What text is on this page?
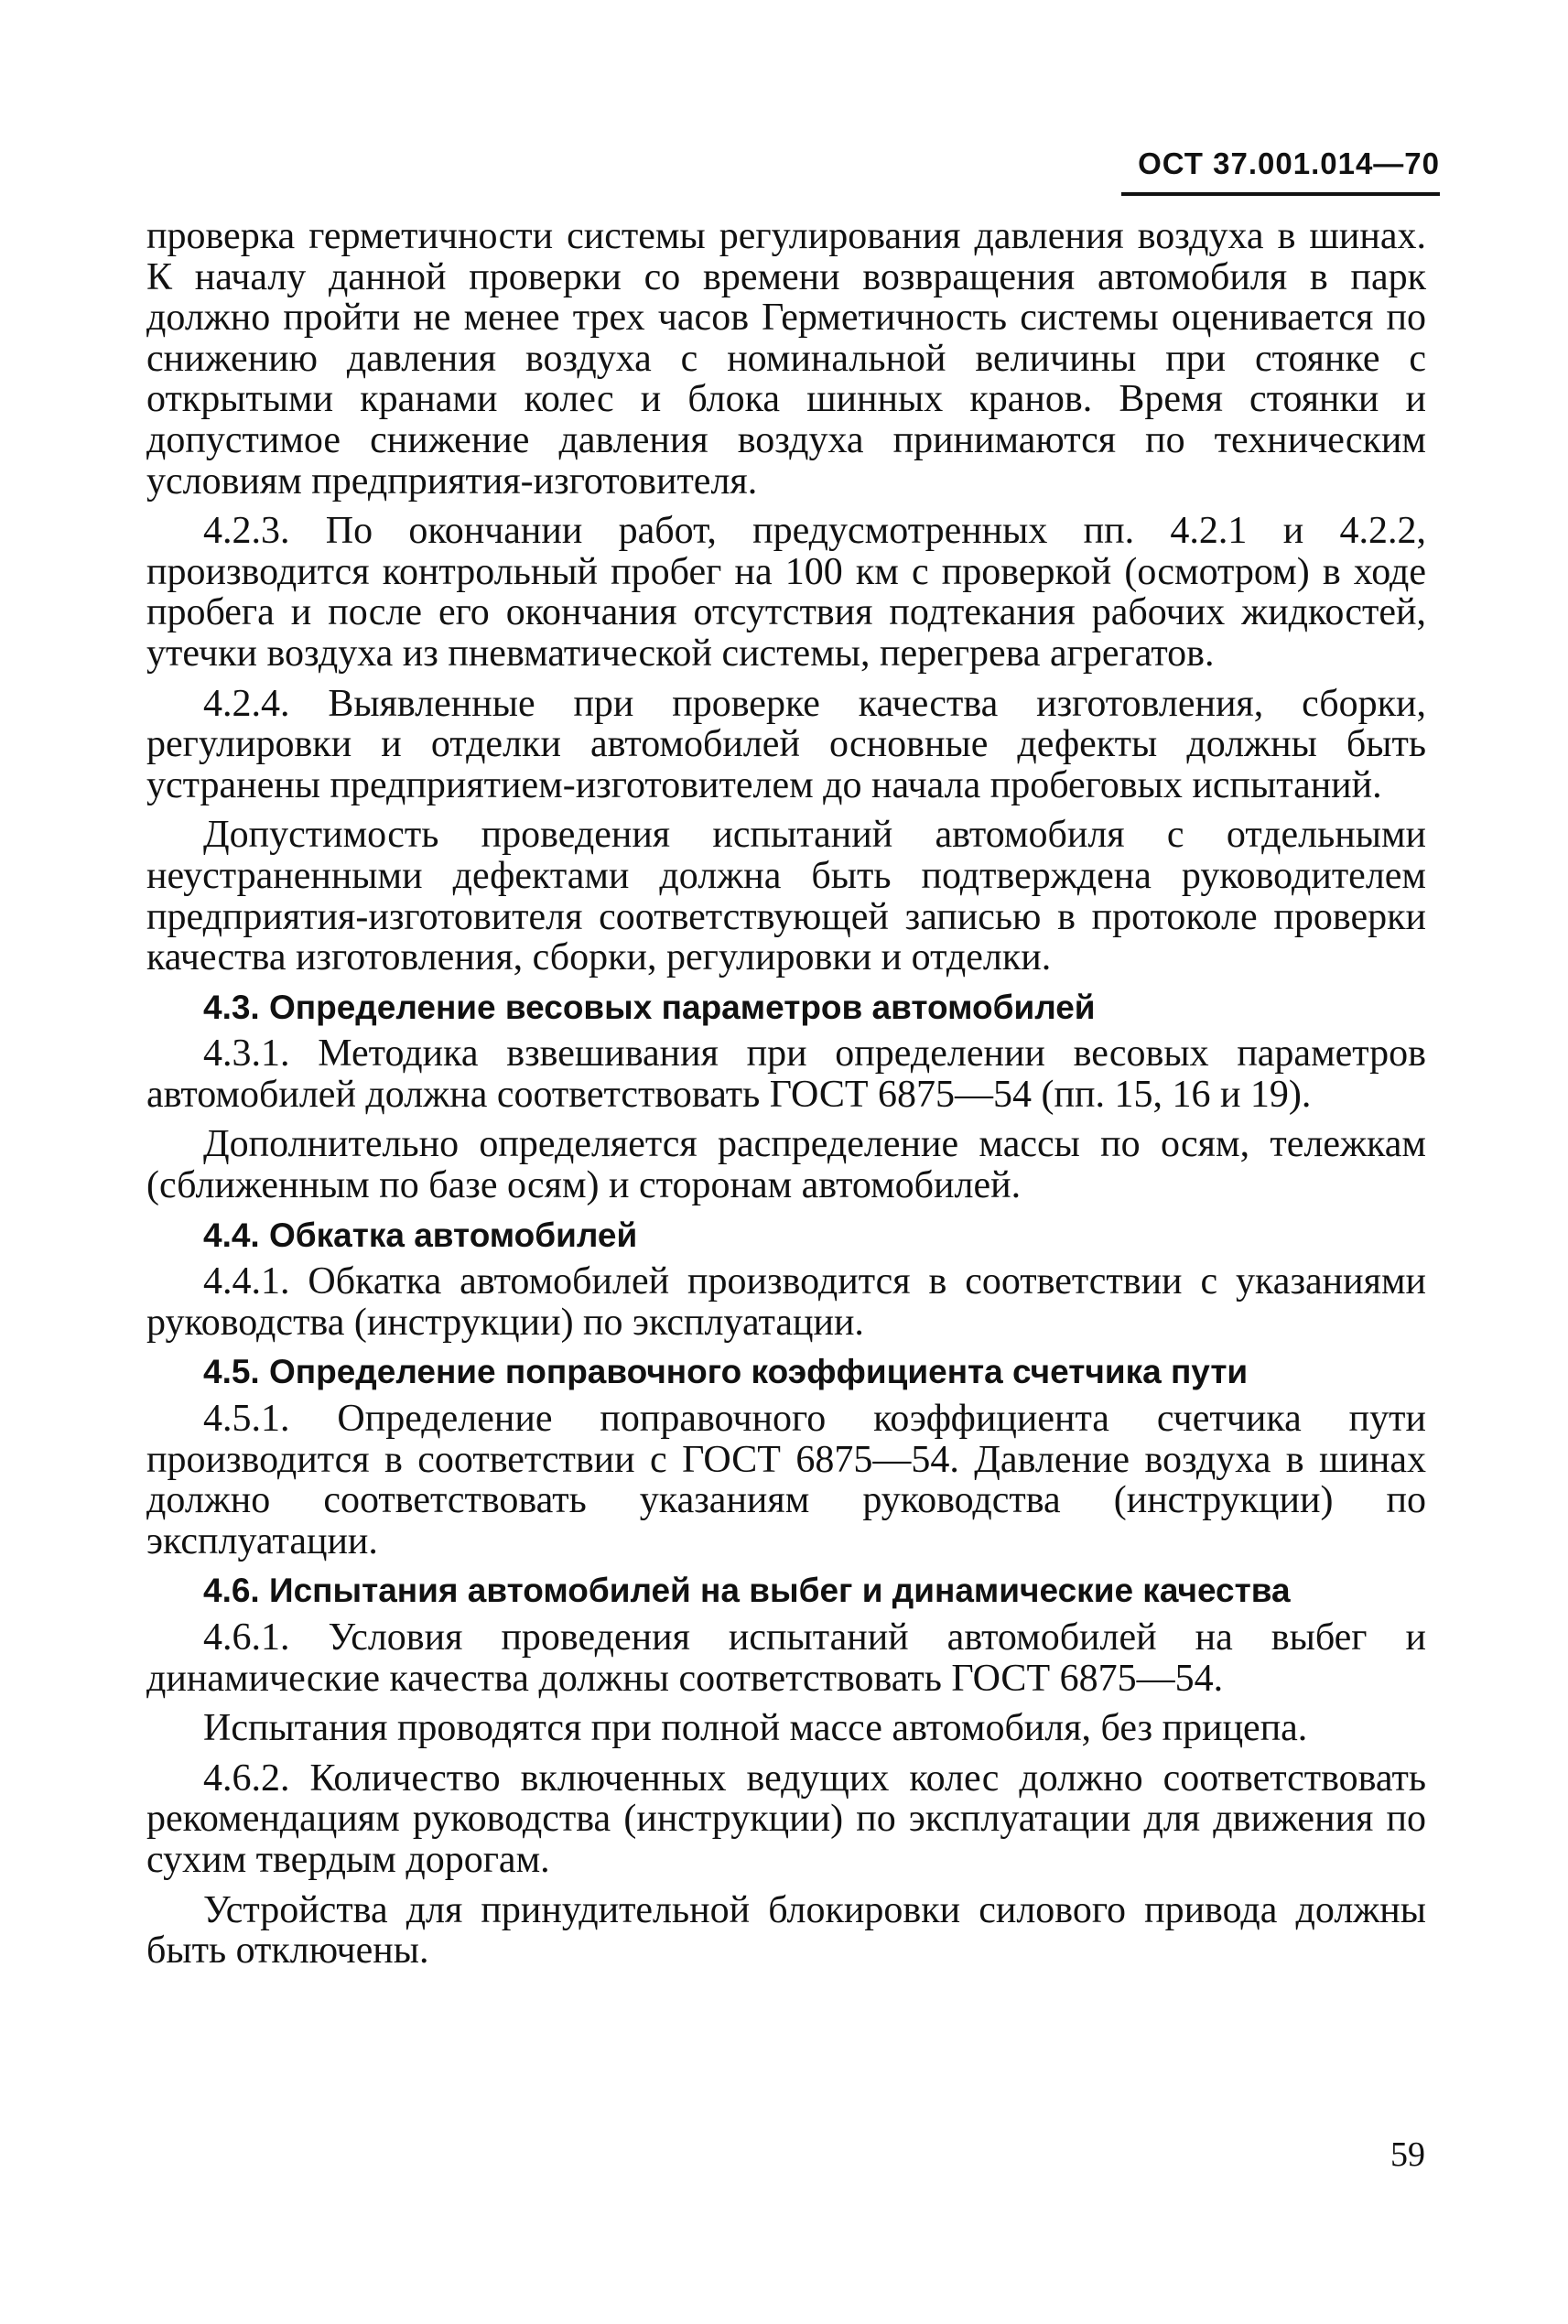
ОСТ 37.001.014—70

проверка герметичности системы регулирования давления воздуха в шинах. К началу данной проверки со времени возвращения автомобиля в парк должно пройти не менее трех часов Герметичность системы оценивается по снижению давления воздуха с номинальной величины при стоянке с открытыми кранами колес и блока шинных кранов. Время стоянки и допустимое снижение давления воздуха принимаются по техническим условиям предприятия-изготовителя.

4.2.3. По окончании работ, предусмотренных пп. 4.2.1 и 4.2.2, производится контрольный пробег на 100 км с проверкой (осмотром) в ходе пробега и после его окончания отсутствия подтекания рабочих жидкостей, утечки воздуха из пневматической системы, перегрева агрегатов.

4.2.4. Выявленные при проверке качества изготовления, сборки, регулировки и отделки автомобилей основные дефекты должны быть устранены предприятием-изготовителем до начала пробеговых испытаний.

Допустимость проведения испытаний автомобиля с отдельными неустраненными дефектами должна быть подтверждена руководителем предприятия-изготовителя соответствующей записью в протоколе проверки качества изготовления, сборки, регулировки и отделки.

4.3. Определение весовых параметров автомобилей

4.3.1. Методика взвешивания при определении весовых параметров автомобилей должна соответствовать ГОСТ 6875—54 (пп. 15, 16 и 19).

Дополнительно определяется распределение массы по осям, тележкам (сближенным по базе осям) и сторонам автомобилей.

4.4. Обкатка автомобилей

4.4.1. Обкатка автомобилей производится в соответствии с указаниями руководства (инструкции) по эксплуатации.

4.5. Определение поправочного коэффициента счетчика пути

4.5.1. Определение поправочного коэффициента счетчика пути производится в соответствии с ГОСТ 6875—54. Давление воздуха в шинах должно соответствовать указаниям руководства (инструкции) по эксплуатации.

4.6. Испытания автомобилей на выбег и динамические качества

4.6.1. Условия проведения испытаний автомобилей на выбег и динамические качества должны соответствовать ГОСТ 6875—54.

Испытания проводятся при полной массе автомобиля, без прицепа.

4.6.2. Количество включенных ведущих колес должно соответствовать рекомендациям руководства (инструкции) по эксплуатации для движения по сухим твердым дорогам.

Устройства для принудительной блокировки силового привода должны быть отключены.

59
